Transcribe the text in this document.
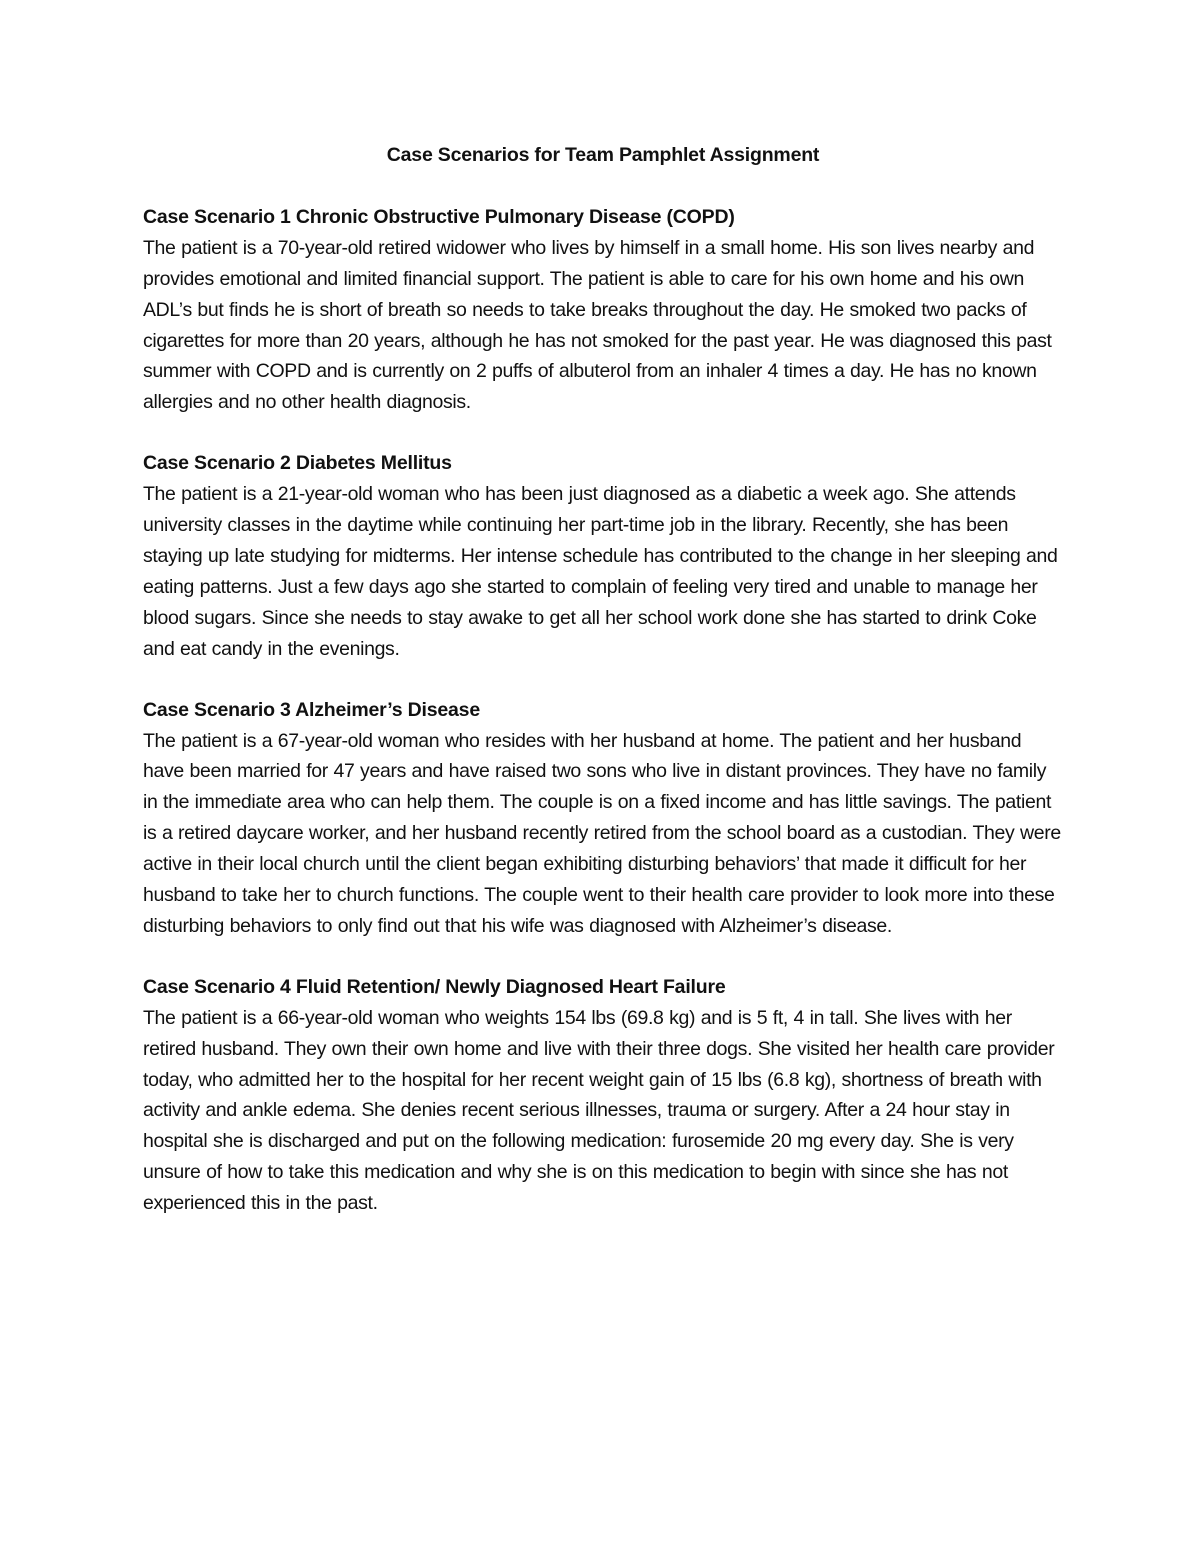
Case Scenarios for Team Pamphlet Assignment

Case Scenario 1 Chronic Obstructive Pulmonary Disease (COPD)

The patient is a 70-year-old retired widower who lives by himself in a small home. His son lives nearby and provides emotional and limited financial support. The patient is able to care for his own home and his own ADL’s but finds he is short of breath so needs to take breaks throughout the day. He smoked two packs of cigarettes for more than 20 years, although he has not smoked for the past year. He was diagnosed this past summer with COPD and is currently on 2 puffs of albuterol from an inhaler 4 times a day. He has no known allergies and no other health diagnosis.

Case Scenario 2 Diabetes Mellitus

The patient is a 21-year-old woman who has been just diagnosed as a diabetic a week ago. She attends university classes in the daytime while continuing her part-time job in the library. Recently, she has been staying up late studying for midterms. Her intense schedule has contributed to the change in her sleeping and eating patterns. Just a few days ago she started to complain of feeling very tired and unable to manage her blood sugars. Since she needs to stay awake to get all her school work done she has started to drink Coke and eat candy in the evenings.

Case Scenario 3 Alzheimer’s Disease

The patient is a 67-year-old woman who resides with her husband at home. The patient and her husband have been married for 47 years and have raised two sons who live in distant provinces. They have no family in the immediate area who can help them. The couple is on a fixed income and has little savings. The patient is a retired daycare worker, and her husband recently retired from the school board as a custodian. They were active in their local church until the client began exhibiting disturbing behaviors’ that made it difficult for her husband to take her to church functions. The couple went to their health care provider to look more into these disturbing behaviors to only find out that his wife was diagnosed with Alzheimer’s disease.

Case Scenario 4 Fluid Retention/ Newly Diagnosed Heart Failure

The patient is a 66-year-old woman who weights 154 lbs (69.8 kg) and is 5 ft, 4 in tall. She lives with her retired husband. They own their own home and live with their three dogs. She visited her health care provider today, who admitted her to the hospital for her recent weight gain of 15 lbs (6.8 kg), shortness of breath with activity and ankle edema. She denies recent serious illnesses, trauma or surgery. After a 24 hour stay in hospital she is discharged and put on the following medication: furosemide 20 mg every day. She is very unsure of how to take this medication and why she is on this medication to begin with since she has not experienced this in the past.
